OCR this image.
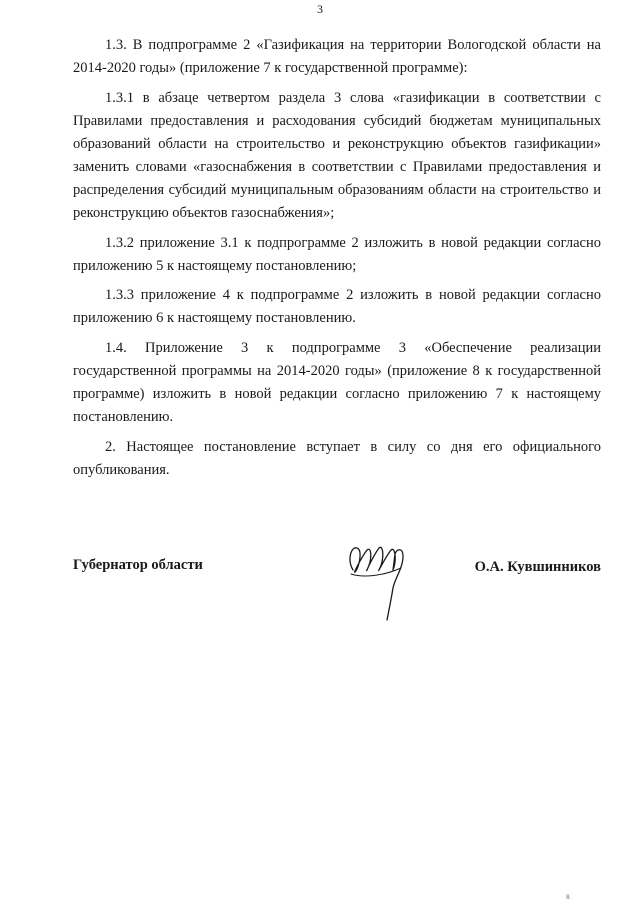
3

1.3. В подпрограмме 2 «Газификация на территории Вологодской области на 2014-2020 годы» (приложение 7 к государственной программе):

1.3.1 в абзаце четвертом раздела 3 слова «газификации в соответствии с Правилами предоставления и расходования субсидий бюджетам муниципальных образований области на строительство и реконструкцию объектов газификации» заменить словами «газоснабжения в соответствии с Правилами предоставления и распределения субсидий муниципальным образованиям области на строительство и реконструкцию объектов газоснабжения»;

1.3.2 приложение 3.1 к подпрограмме 2 изложить в новой редакции согласно приложению 5 к настоящему постановлению;

1.3.3 приложение 4 к подпрограмме 2 изложить в новой редакции согласно приложению 6 к настоящему постановлению.

1.4. Приложение 3 к подпрограмме 3 «Обеспечение реализации государственной программы на 2014-2020 годы» (приложение 8 к государственной программе) изложить в новой редакции согласно приложению 7 к настоящему постановлению.

2. Настоящее постановление вступает в силу со дня его официального опубликования.

Губернатор области	О.А. Кувшинников
8
